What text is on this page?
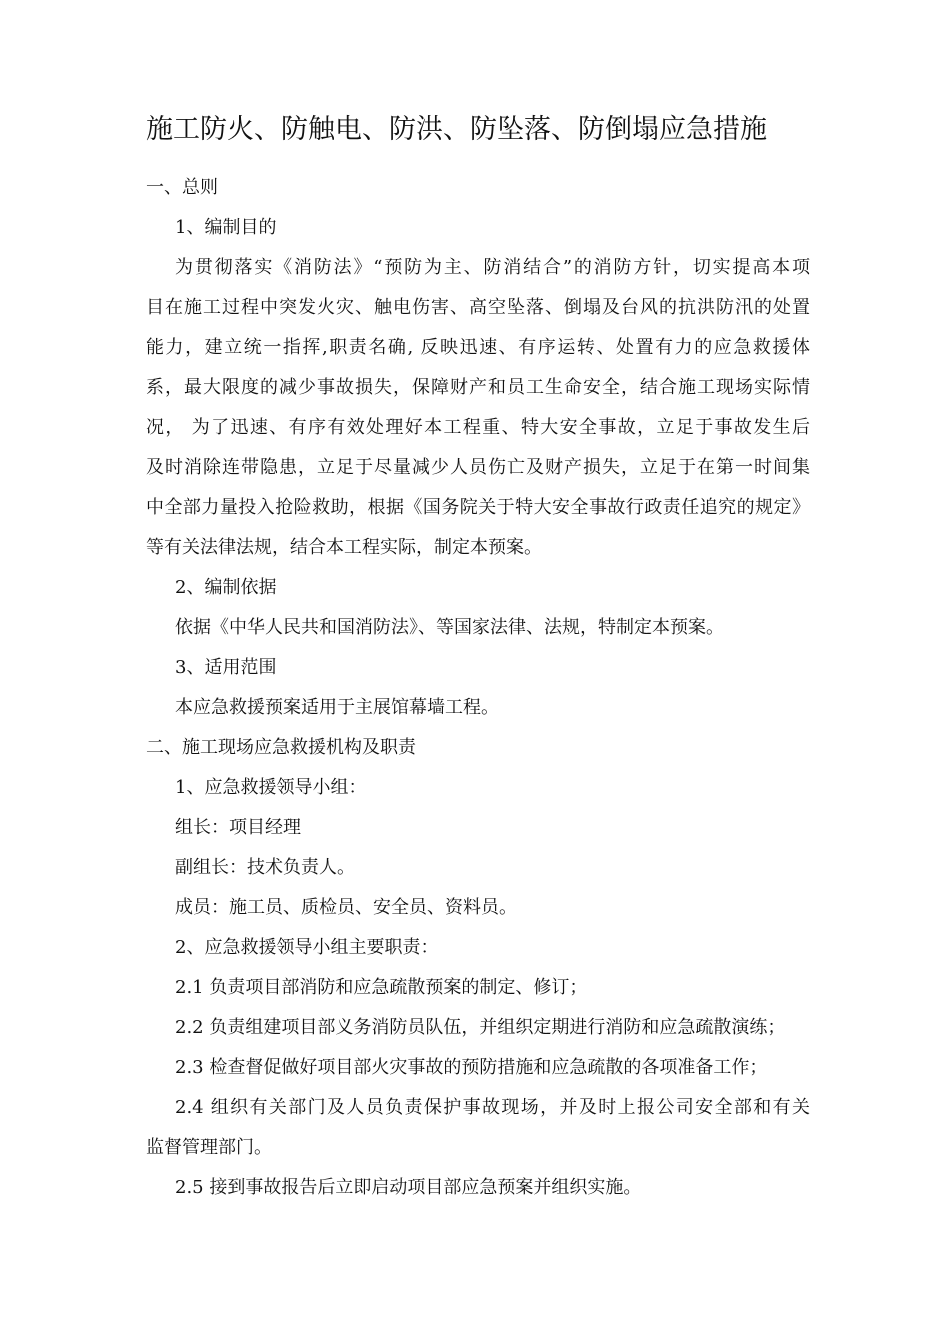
施工防火、防触电、防洪、防坠落、防倒塌应急措施
一、总则
1、编制目的
为贯彻落实《消防法》“预防为主、防消结合”的消防方针，切实提高本项
目在施工过程中突发火灾、触电伤害、高空坠落、倒塌及台风的抗洪防汛的处置
能力，建立统一指挥,职责名确, 反映迅速、有序运转、处置有力的应急救援体
系，最大限度的减少事故损失，保障财产和员工生命安全，结合施工现场实际情
况， 为了迅速、有序有效处理好本工程重、特大安全事故，立足于事故发生后
及时消除连带隐患，立足于尽量减少人员伤亡及财产损失，立足于在第一时间集
中全部力量投入抢险救助，根据《国务院关于特大安全事故行政责任追究的规定》
等有关法律法规，结合本工程实际，制定本预案。
2、编制依据
依据《中华人民共和国消防法》、等国家法律、法规，特制定本预案。
3、适用范围
本应急救援预案适用于主展馆幕墙工程。
二、施工现场应急救援机构及职责
1、应急救援领导小组：
组长：项目经理
副组长：技术负责人。
成员：施工员、质检员、安全员、资料员。
2、应急救援领导小组主要职责：
2.1 负责项目部消防和应急疏散预案的制定、修订；
2.2 负责组建项目部义务消防员队伍，并组织定期进行消防和应急疏散演练；
2.3 检查督促做好项目部火灾事故的预防措施和应急疏散的各项准备工作；
2.4 组织有关部门及人员负责保护事故现场，并及时上报公司安全部和有关
监督管理部门。
2.5 接到事故报告后立即启动项目部应急预案并组织实施。
